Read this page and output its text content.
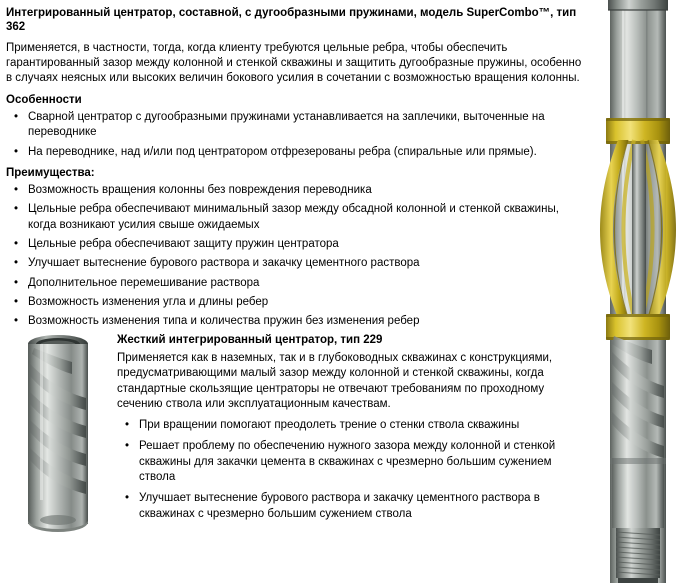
Интегрированный центратор, составной, с дугообразными пружинами, модель SuperCombo™, тип 362

Применяется, в частности, тогда, когда клиенту требуются цельные ребра, чтобы обеспечить гарантированный зазор между колонной и стенкой скважины и защитить дугообразные пружины, особенно в случаях неясных или высоких величин бокового усилия в сочетании с возможностью вращения колонны.

Особенности
• Сварной центратор с дугообразными пружинами устанавливается на заплечики, выточенные на переводнике
• На переводнике, над и/или под центратором отфрезерованы ребра (спиральные или прямые).
Преимущества:
• Возможность вращения колонны без повреждения переводника
• Цельные ребра обеспечивают минимальный зазор между обсадной колонной и стенкой скважины, когда возникают усилия свыше ожидаемых
• Цельные ребра обеспечивают защиту пружин центратора
• Улучшает вытеснение бурового раствора и закачку цементного раствора
• Дополнительное перемешивание раствора
• Возможность изменения угла и длины ребер
• Возможность изменения типа и количества пружин без изменения ребер
Жесткий интегрированный центратор, тип 229

Применяется как в наземных, так и в глубоководных скважинах с конструкциями, предусматривающими малый зазор между колонной и стенкой скважины, когда стандартные скользящие центраторы не отвечают требованиям по проходному сечению ствола или эксплуатационным качествам.

• При вращении помогают преодолеть трение о стенки ствола скважины
• Решает проблему по обеспечению нужного зазора между колонной и стенкой скважины для закачки цемента в скважинах с чрезмерно большим сужением ствола
• Улучшает вытеснение бурового раствора и закачку цементного раствора в скважинах с чрезмерно большим сужением ствола
